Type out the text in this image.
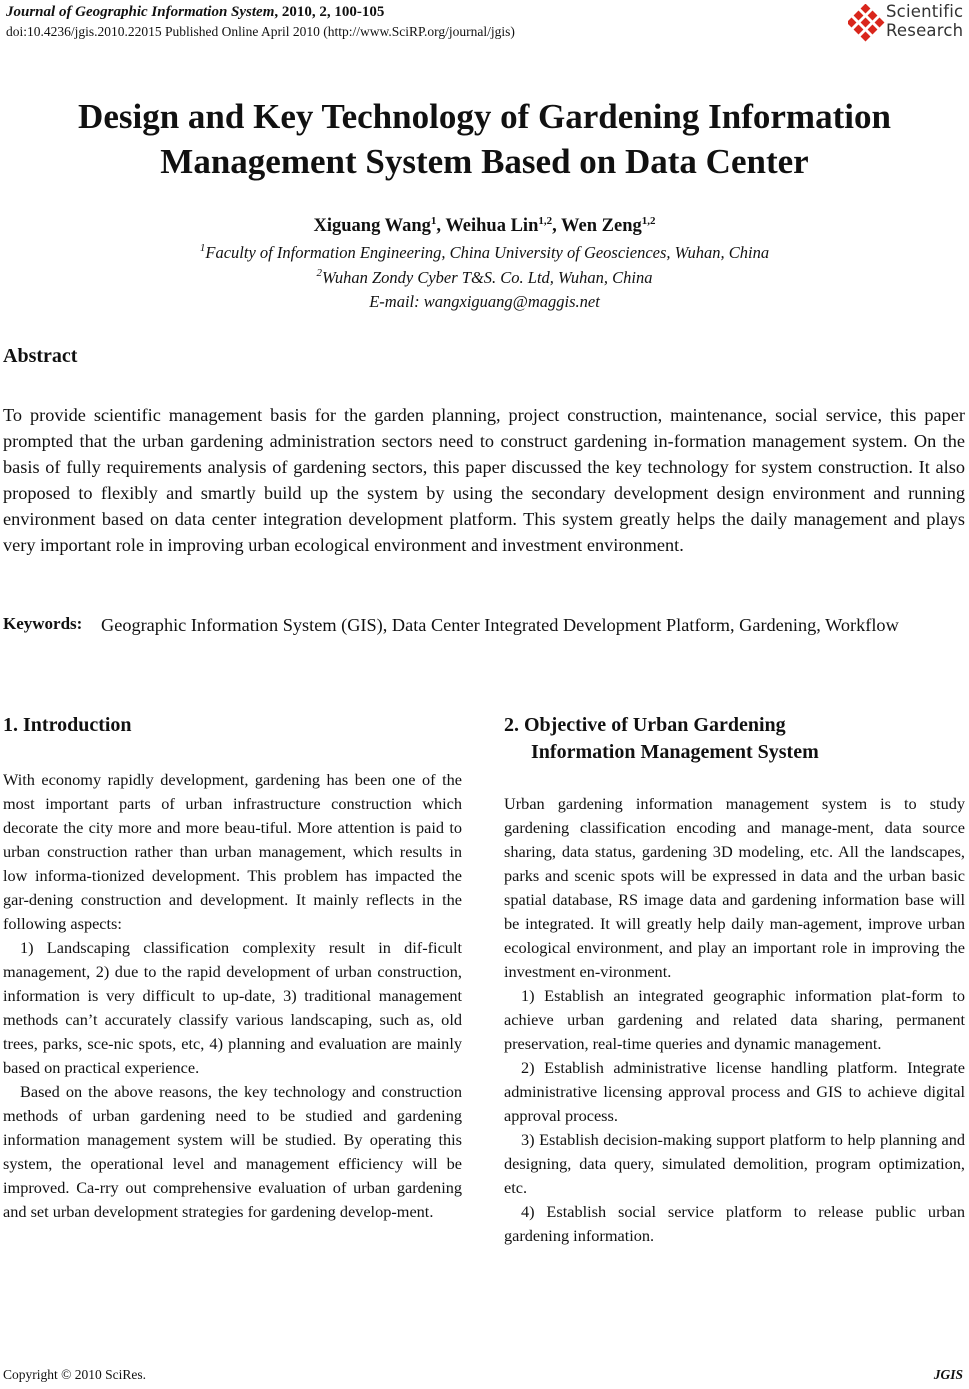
Journal of Geographic Information System, 2010, 2, 100-105
doi:10.4236/jgis.2010.22015 Published Online April 2010 (http://www.SciRP.org/journal/jgis)
Scientific
Research
Design and Key Technology of Gardening Information
Management System Based on Data Center
Xiguang Wang$^1$, Weihua Lin$^{1,2}$, Wen Zeng$^{1,2}$
$^1$Faculty of Information Engineering, China University of Geosciences, Wuhan, China
$^2$Wuhan Zondy Cyber T&S. Co. Ltd, Wuhan, China
E-mail: wangxiguang@maggis.net
Abstract
To provide scientific management basis for the garden planning, project construction, maintenance, social service, this paper prompted that the urban gardening administration sectors need to construct gardening in-formation management system. On the basis of fully requirements analysis of gardening sectors, this paper discussed the key technology for system construction. It also proposed to flexibly and smartly build up the system by using the secondary development design environment and running environment based on data center integration development platform. This system greatly helps the daily management and plays very important role in improving urban ecological environment and investment environment.
Keywords: Geographic Information System (GIS), Data Center Integrated Development Platform, Gardening, Workflow
1. Introduction

With economy rapidly development, gardening has been one of the most important parts of urban infrastructure construction which decorate the city more and more beau-tiful. More attention is paid to urban construction rather than urban management, which results in low informa-tionized development. This problem has impacted the gar-dening construction and development. It mainly reflects in the following aspects:

1) Landscaping classification complexity result in dif-ficult management, 2) due to the rapid development of urban construction, information is very difficult to up-date, 3) traditional management methods can’t accurately classify various landscaping, such as, old trees, parks, sce-nic spots, etc, 4) planning and evaluation are mainly based on practical experience.

Based on the above reasons, the key technology and construction methods of urban gardening need to be studied and gardening information management system will be studied. By operating this system, the operational level and management efficiency will be improved. Ca-rry out comprehensive evaluation of urban gardening and set urban development strategies for gardening develop-ment.

2. Objective of Urban Gardening
Information Management System

Urban gardening information management system is to study gardening classification encoding and manage-ment, data source sharing, data status, gardening 3D modeling, etc. All the landscapes, parks and scenic spots will be expressed in data and the urban basic spatial database, RS image data and gardening information base will be integrated. It will greatly help daily man-agement, improve urban ecological environment, and play an important role in improving the investment en-vironment.

1) Establish an integrated geographic information plat-form to achieve urban gardening and related data sharing, permanent preservation, real-time queries and dynamic management.

2) Establish administrative license handling platform. Integrate administrative licensing approval process and GIS to achieve digital approval process.

3) Establish decision-making support platform to help planning and designing, data query, simulated demolition, program optimization, etc.

4) Establish social service platform to release public urban gardening information.

Copyright © 2010 SciRes.	JGIS
